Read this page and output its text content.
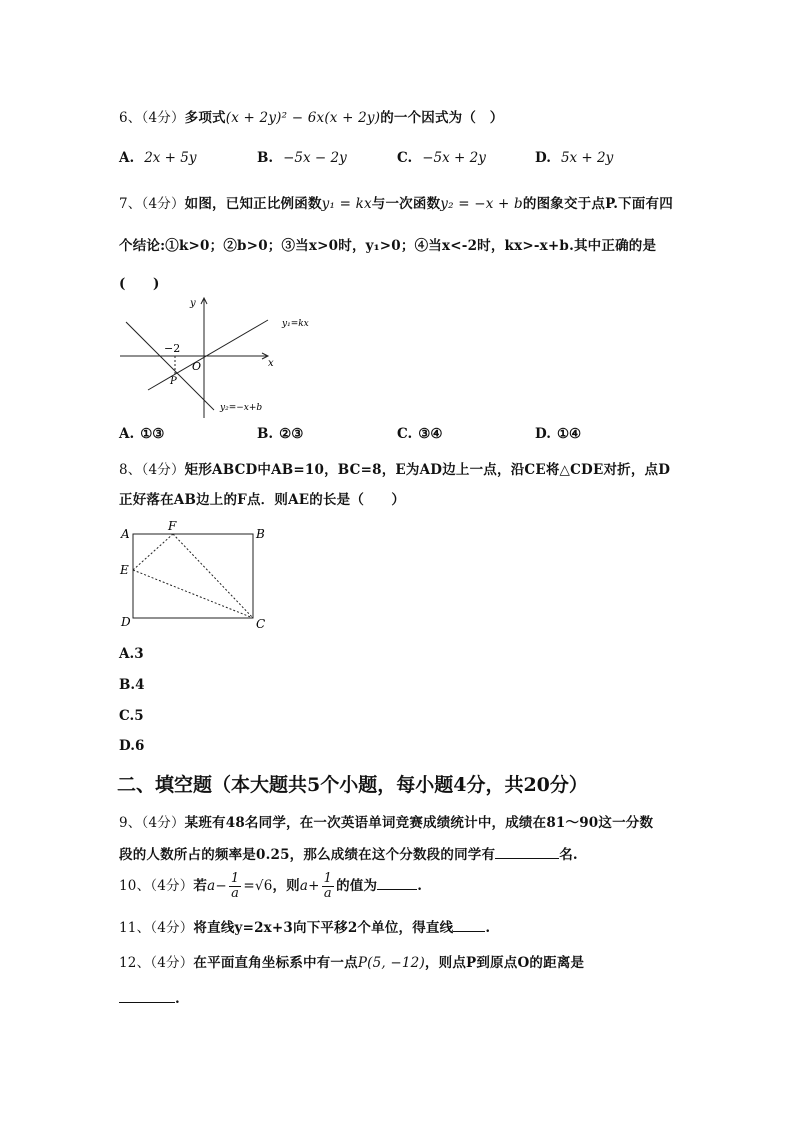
6、（4分）多项式(x + 2y)² − 6x(x + 2y)的一个因式为（　）
A. 2x + 5y	B. −5x − 2y	C. −5x + 2y	D. 5x + 2y
7、（4分）如图，已知正比例函数y₁ = kx与一次函数y₂ = −x + b的图象交于点P.下面有四
个结论:①k>0；②b>0；③当x>0时，y₁>0；④当x<-2时，kx>-x+b.其中正确的是
(　　)
y
x
O
P
−2
y₁=kx
y₂=−x+b
A. ①③	B. ②③	C. ③④	D. ①④
8、（4分）矩形ABCD中AB=10，BC=8，E为AD边上一点，沿CE将△CDE对折，点D
正好落在AB边上的F点．则AE的长是（　　）
A	B
C
D
E
F
A.3
B.4
C.5
D.6
二、填空题（本大题共5个小题，每小题4分，共20分）
9、（4分）某班有48名同学，在一次英语单词竞赛成绩统计中，成绩在81～90这一分数
段的人数所占的频率是0.25，那么成绩在这个分数段的同学有	名.
10、（4分）若$a- \frac{1}{a} =√6$，则$a+ \frac{1}{a}$ 的值为	.
11、（4分）将直线y=2x+3向下平移2个单位，得直线 .
12、（4分）在平面直角坐标系中有一点P(5, −12)，则点P到原点O的距离是
.
